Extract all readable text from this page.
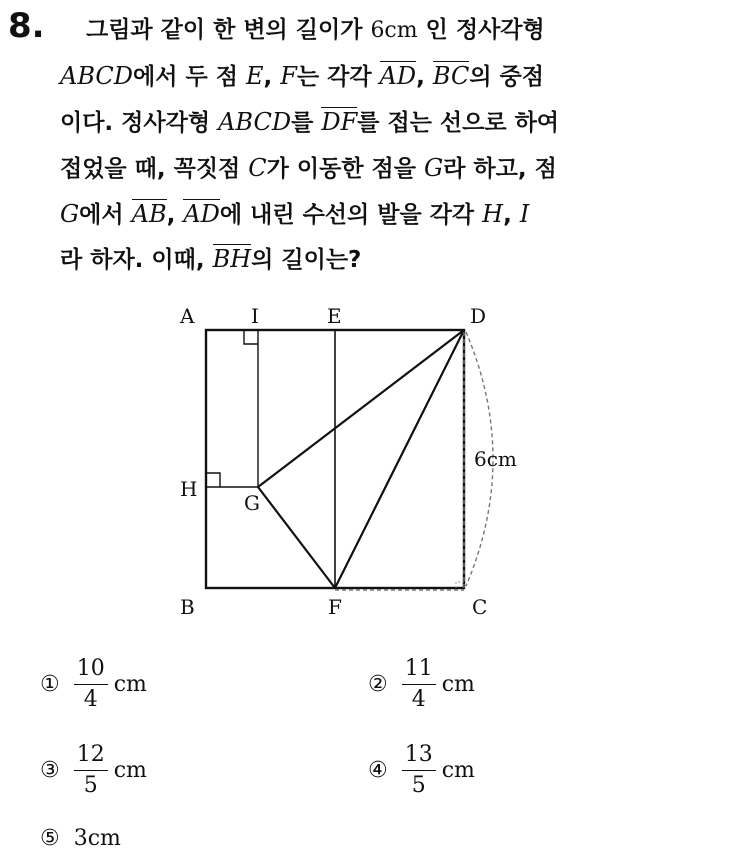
8.	그림과 같이 한 변의 길이가 6cm 인 정사각형
ABCD에서 두 점 E, F는 각각 AD, BC의 중점
이다. 정사각형 ABCD를 DF를 접는 선으로 하여
접었을 때, 꼭짓점 C가 이동한 점을 G라 하고, 점
G에서 AB, AD에 내린 수선의 발을 각각 H, I
라 하자. 이때, BH의 길이는?
A	I	E	D
H
G
B	F	C
6cm
① $\frac{10}{4}$ cm	② $\frac{11}{4}$ cm
③ $\frac{12}{5}$ cm	④ $\frac{13}{5}$ cm
⑤ 3 cm
